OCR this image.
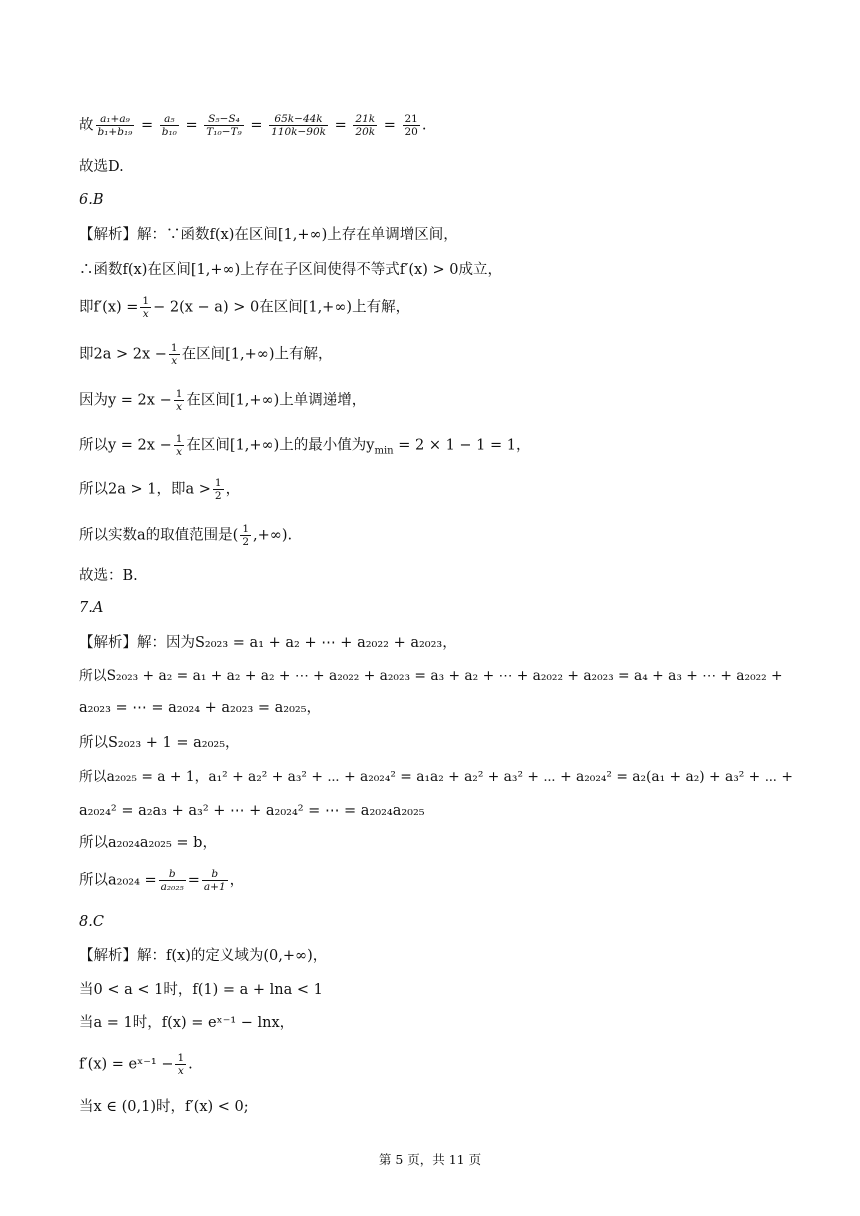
故 $\frac{\text{a₁+a₉}}{\text{b₁+b₁₉}} = \frac{\text{a₅}}{\text{b₁₀}} = \frac{\text{S₅−S₄}}{\text{T₁₀−T₉}} = \frac{65k-44k}{110k-90k} = \frac{21k}{20k} = \frac{21}{20}$ .
故选D.
6.B
【解析】解：∵函数f(x)在区间[1,+∞)上存在单调增区间，
∴函数f(x)在区间[1,+∞)上存在子区间使得不等式f′(x) > 0成立，
即$f'(x) = \frac{1}{x} - 2(x - a) > 0$在区间[1,+∞)上有解，
即$2a > 2x - \frac{1}{x}$ 在区间[1,+∞)上有解，
因为$y = 2x - \frac{1}{x}$ 在区间[1,+∞)上单调递增，
所以$y = 2x - \frac{1}{x}$ 在区间[1,+∞)上的最小值为$y_{min} = 2 \times 1 - 1 = 1$，
所以2a > 1，即$a > \frac{1}{2}$ ，
所以实数a的取值范围是( $\frac{1}{2}$ ,+∞).
故选：B.
7.A
【解析】解：因为S₂₀₂₃ = a₁ + a₂ + ⋯ + a₂₀₂₂ + a₂₀₂₃，
所以S₂₀₂₃ + a₂ = a₁ + a₂ + a₂ + ⋯ + a₂₀₂₂ + a₂₀₂₃ = a₃ + a₂ + ⋯ + a₂₀₂₂ + a₂₀₂₃ = a₄ + a₃ + ⋯ + a₂₀₂₂ +
a₂₀₂₃ = ⋯ = a₂₀₂₄ + a₂₀₂₃ = a₂₀₂₅，
所以S₂₀₂₃ + 1 = a₂₀₂₅，
所以a₂₀₂₅ = a + 1，a₁² + a₂² + a₃² + ⋯ + a₂₀₂₄² = a₁a₂ + a₂² + a₃² + ⋯ + a₂₀₂₄² = a₂(a₁ + a₂) + a₃² + ⋯ +
a₂₀₂₄² = a₂a₃ + a₃² + ⋯ + a₂₀₂₄² = ⋯ = a₂₀₂₄a₂₀₂₅
所以a₂₀₂₄a₂₀₂₅ = b，
所以$a_{2024} = \frac{b}{\text{a₂₀₂₅}} = \frac{b}{a+1}$ ，
8.C
【解析】解：f(x)的定义域为(0,+∞)，
当0 < a < 1时，f(1) = a + lna < 1
当a = 1时，f(x) = eˣ⁻¹ − lnx，
f′(x) = eˣ⁻¹ − $\frac{1}{x}$ .
当x ∈ (0,1)时，f′(x) < 0;
第 5 页，共 11 页
